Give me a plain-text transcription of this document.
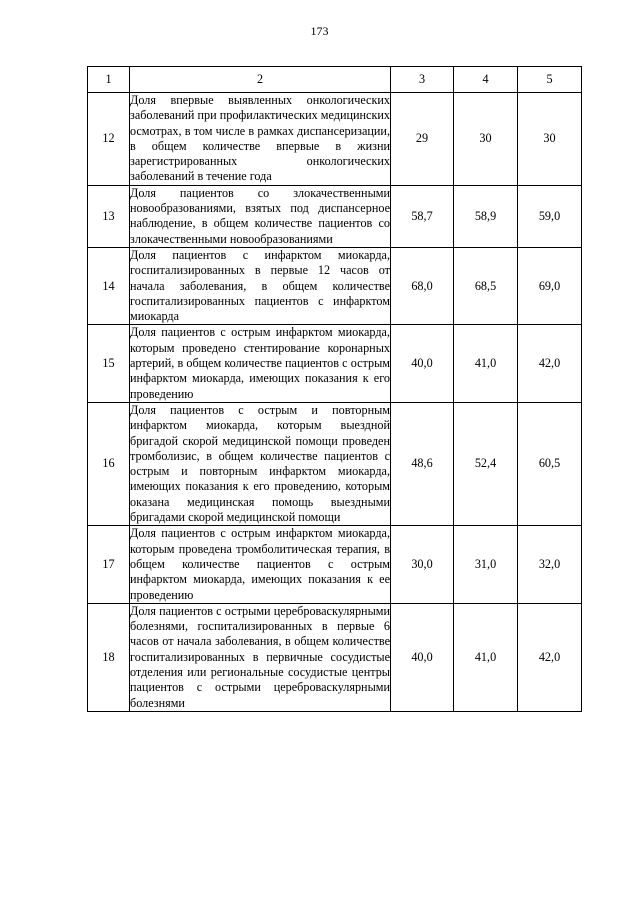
173
1	2	3	4	5
12	Доля впервые выявленных онкологических заболеваний при профилактических медицинских осмотрах, в том числе в рамках диспансеризации, в общем количестве впервые в жизни зарегистрированных онкологических заболеваний в течение года	29	30	30
13	Доля пациентов со злокачественными новообразованиями, взятых под диспансерное наблюдение, в общем количестве пациентов со злокачественными новообразованиями	58,7	58,9	59,0
14	Доля пациентов с инфарктом миокарда, госпитализированных в первые 12 часов от начала заболевания, в общем количестве госпитализированных пациентов с инфарктом миокарда	68,0	68,5	69,0
15	Доля пациентов с острым инфарктом миокарда, которым проведено стентирование коронарных артерий, в общем количестве пациентов с острым инфарктом миокарда, имеющих показания к его проведению	40,0	41,0	42,0
16	Доля пациентов с острым и повторным инфарктом миокарда, которым выездной бригадой скорой медицинской помощи проведен тромболизис, в общем количестве пациентов с острым и повторным инфарктом миокарда, имеющих показания к его проведению, которым оказана медицинская помощь выездными бригадами скорой медицинской помощи	48,6	52,4	60,5
17	Доля пациентов с острым инфарктом миокарда, которым проведена тромболитическая терапия, в общем количестве пациентов с острым инфарктом миокарда, имеющих показания к ее проведению	30,0	31,0	32,0
18	Доля пациентов с острыми цереброваскулярными болезнями, госпитализированных в первые 6 часов от начала заболевания, в общем количестве госпитализированных в первичные сосудистые отделения или региональные сосудистые центры пациентов с острыми цереброваскулярными болезнями	40,0	41,0	42,0
